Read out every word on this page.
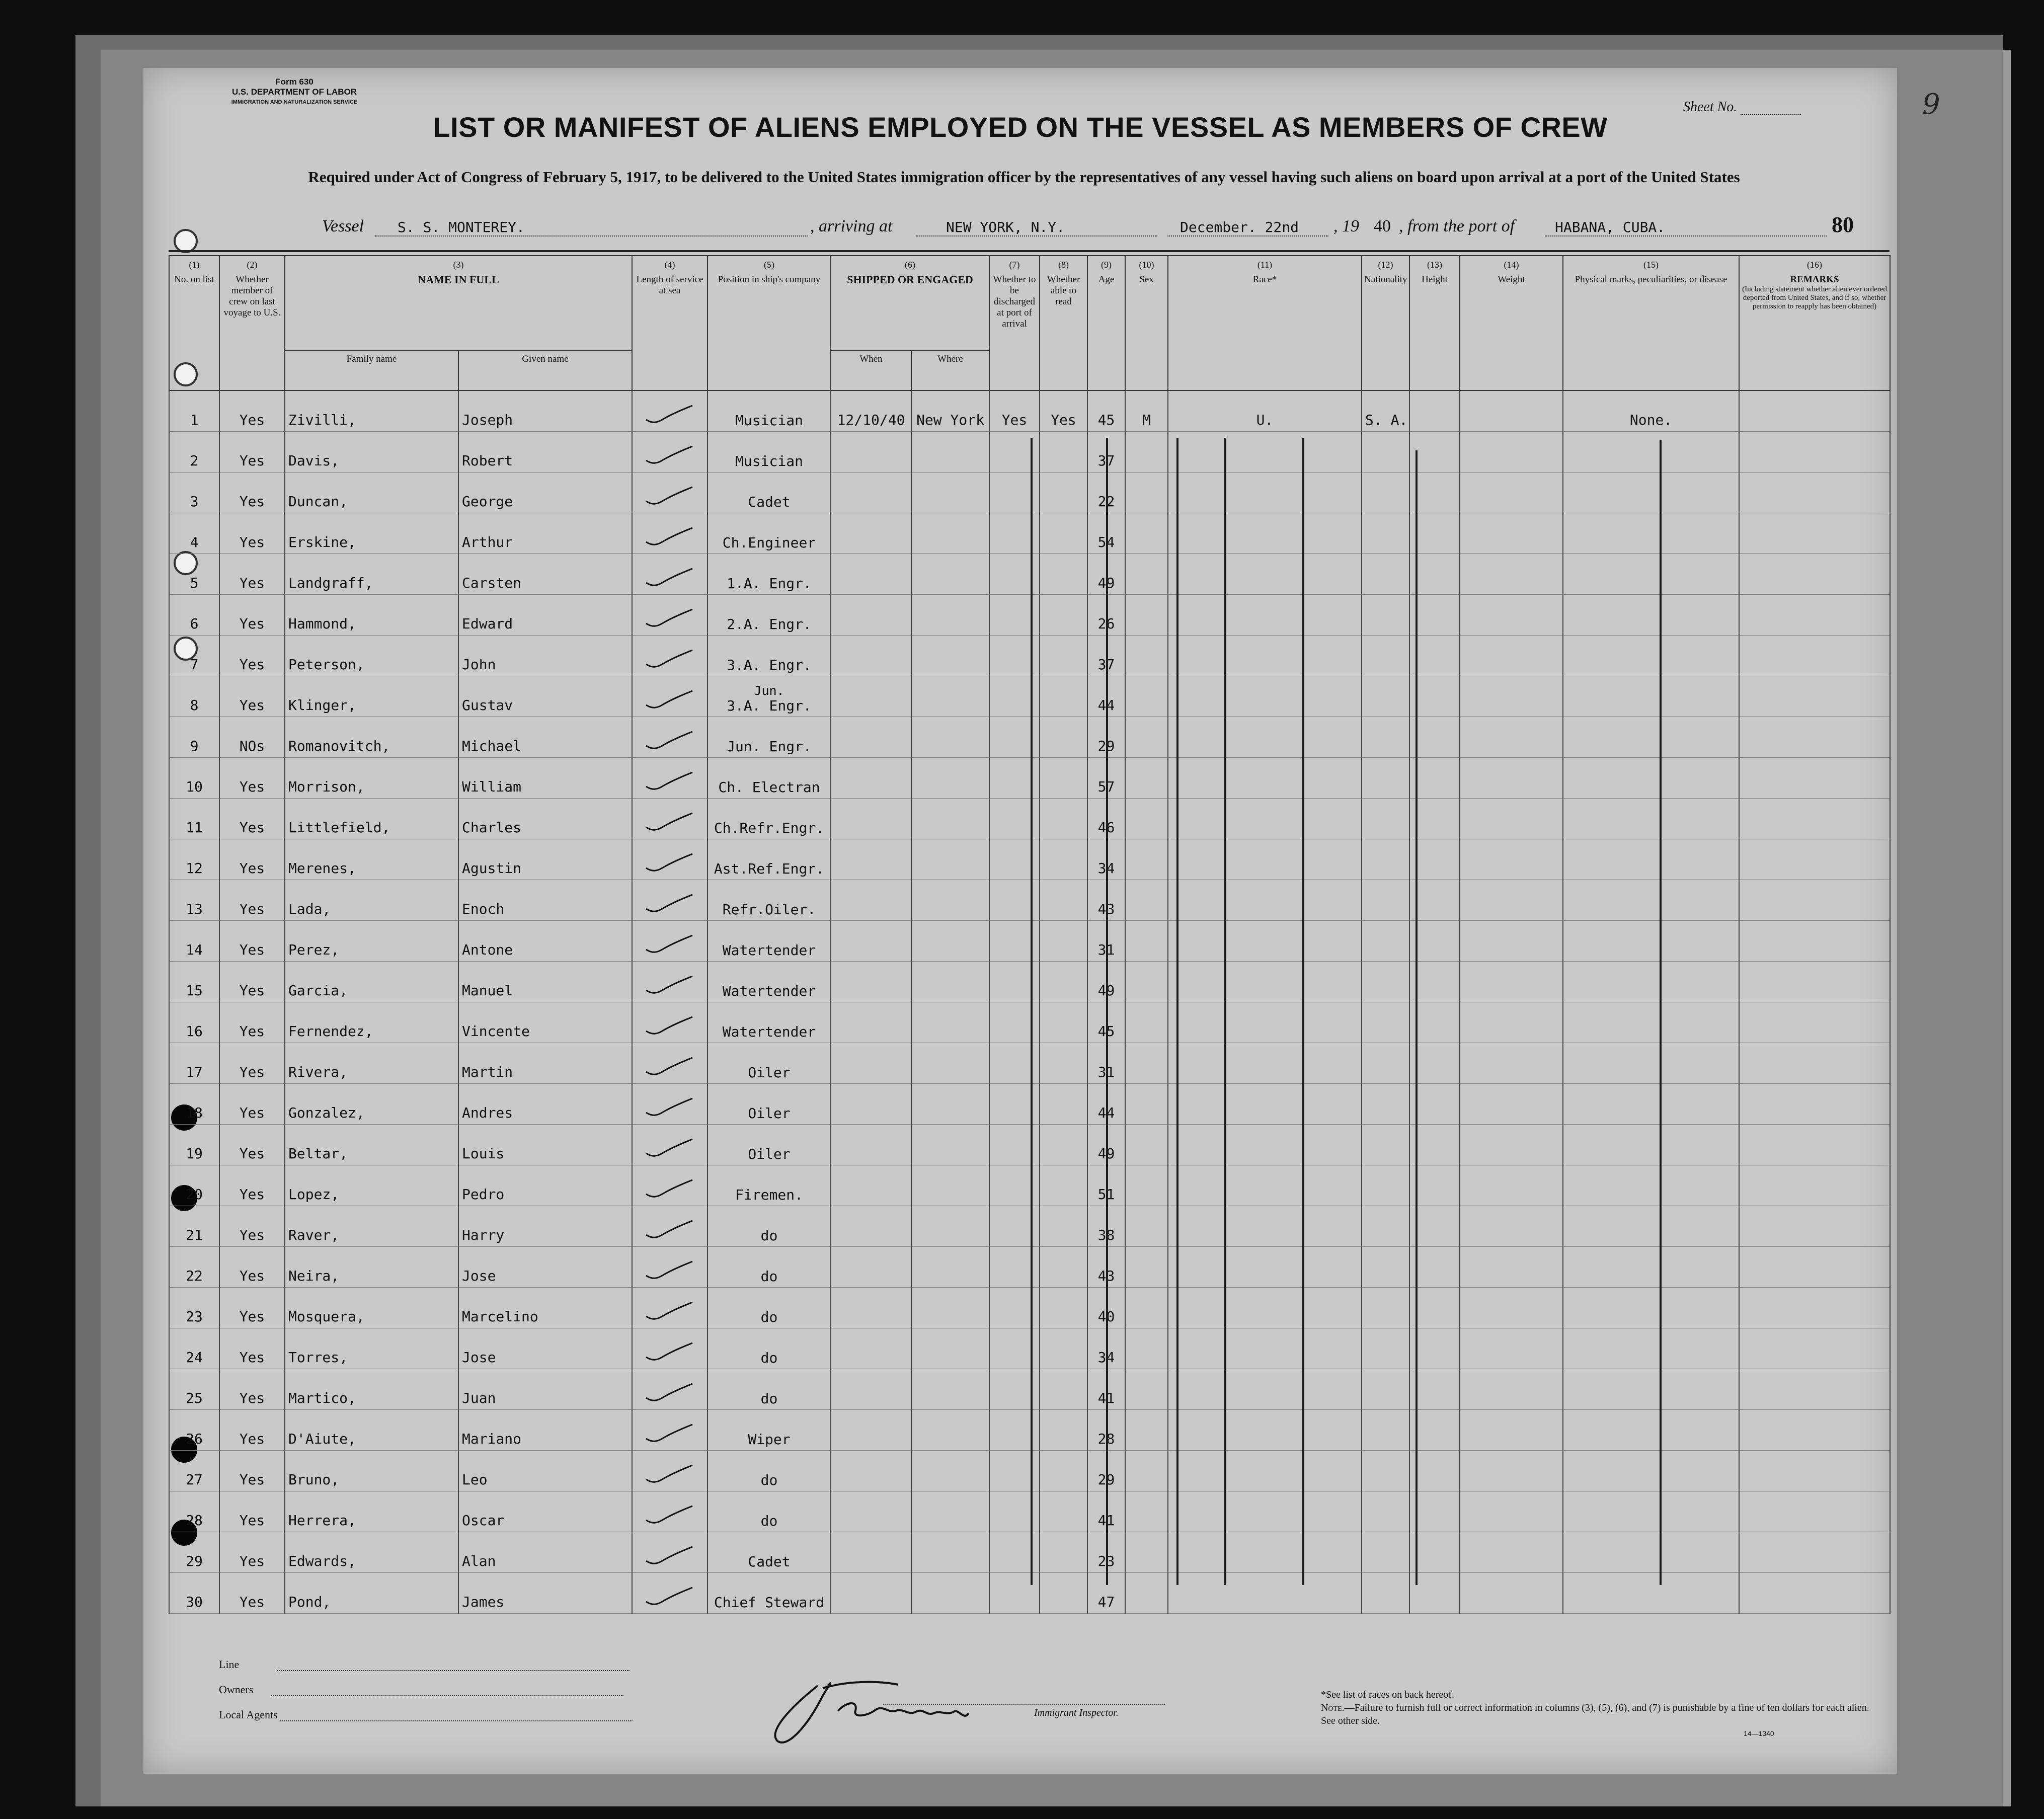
Form 630
U.S. DEPARTMENT OF LABOR
IMMIGRATION AND NATURALIZATION SERVICE	Sheet No.	9
LIST OR MANIFEST OF ALIENS EMPLOYED ON THE VESSEL AS MEMBERS OF CREW
Required under Act of Congress of February 5, 1917, to be delivered to the United States immigration officer by the representatives of any vessel having such aliens on board upon arrival at a port of the United States
Vessel S. S. MONTEREY.	, arriving at	NEW YORK, N.Y.	December. 22nd , 19 40 , from the port of	HABANA, CUBA.	80
(1)
No. on list	(2)
Whether member of crew on last voyage to U.S.	(3)
NAME IN FULL		(4)
Length of service at sea	(5)
Position in ship's company	(6)
SHIPPED OR ENGAGED		(7)
Whether to be discharged at port of arrival	(8)
Whether able to read	(9)
Age	(10)
Sex	(11)
Race*	(12)
Nationality	(13)
Height	(14)
Weight	(15)
Physical marks, peculiarities, or disease	(16)
REMARKS

(Including statement whether alien ever ordered deported from United States, and if so, whether permission to reapply has been obtained)

		Family name	Given name			When	Where											
1	Yes	Zivilli,	Joseph		Musician	12/10/40	New York	Yes	Yes	45	M	U.	S. A.			None.		
2	Yes	Davis,	Robert		Musician					37								
3	Yes	Duncan,	George		Cadet					22								
4	Yes	Erskine,	Arthur		Ch.Engineer					54								
5	Yes	Landgraff,	Carsten		1.A. Engr.					49								
6	Yes	Hammond,	Edward		2.A. Engr.					26								
7	Yes	Peterson,	John		3.A. Engr.					37								
8	Yes	Klinger,	Gustav		Jun.
3.A. Engr.					44								
9	NOs	Romanovitch,	Michael		Jun. Engr.					29								
10	Yes	Morrison,	William		Ch. Electran					57								
11	Yes	Littlefield,	Charles		Ch.Refr.Engr.					46								
12	Yes	Merenes,	Agustin		Ast.Ref.Engr.					34								
13	Yes	Lada,	Enoch		Refr.Oiler.					43								
14	Yes	Perez,	Antone		Watertender					31								
15	Yes	Garcia,	Manuel		Watertender					49								
16	Yes	Fernendez,	Vincente		Watertender					45								
17	Yes	Rivera,	Martin		Oiler					31								
18	Yes	Gonzalez,	Andres		Oiler					44								
19	Yes	Beltar,	Louis		Oiler					49								
20	Yes	Lopez,	Pedro		Firemen.					51								
21	Yes	Raver,	Harry		do					38								
22	Yes	Neira,	Jose		do					43								
23	Yes	Mosquera,	Marcelino		do					40								
24	Yes	Torres,	Jose		do					34								
25	Yes	Martico,	Juan		do					41								
26	Yes	D'Aiute,	Mariano		Wiper					28								
27	Yes	Bruno,	Leo		do					29								
28	Yes	Herrera,	Oscar		do					41								
29	Yes	Edwards,	Alan		Cadet					23								
30	Yes	Pond,	James		Chief Steward					47								
Line
Owners
Local Agents
J Scarino
Immigrant Inspector.
*See list of races on back hereof.
Note.—Failure to furnish full or correct information in columns (3), (5), (6), and (7) is punishable by a fine of ten dollars for each alien. See other side.
14—1340
